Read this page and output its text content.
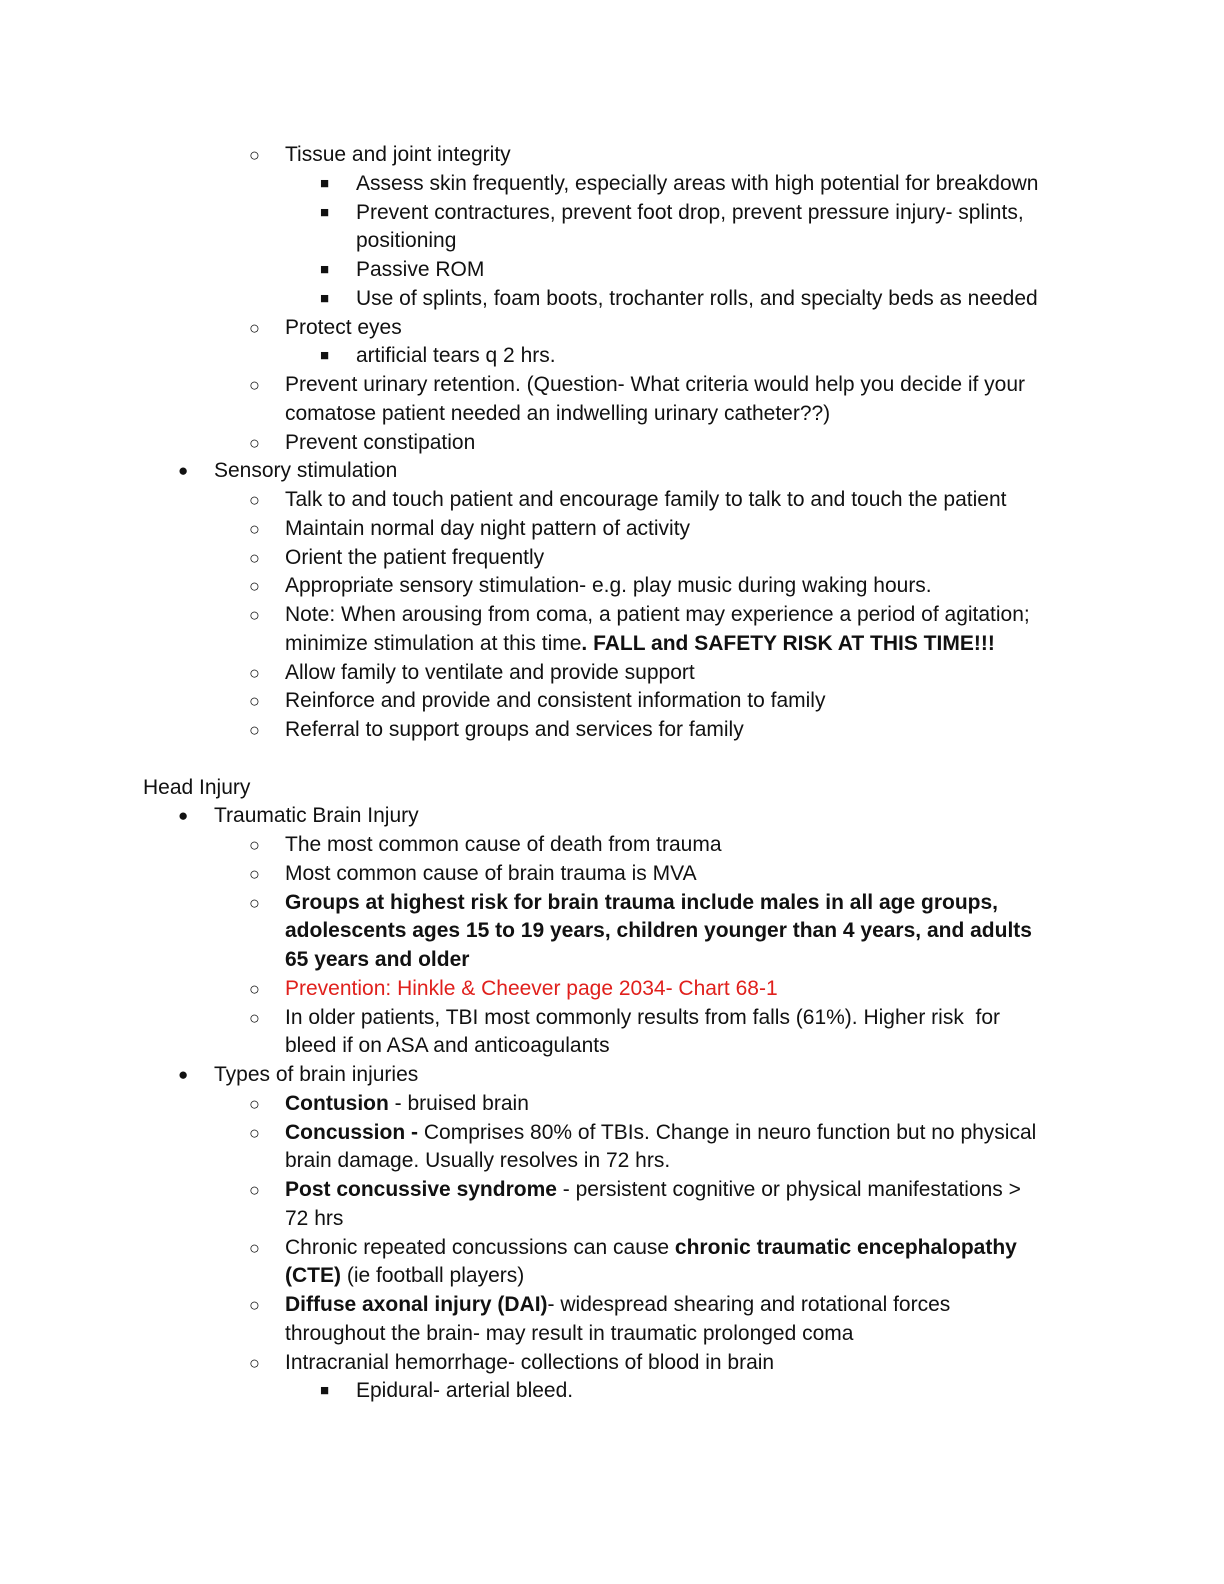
○ Tissue and joint integrity
■ Assess skin frequently, especially areas with high potential for breakdown
■ Prevent contractures, prevent foot drop, prevent pressure injury- splints,
positioning
■ Passive ROM
■ Use of splints, foam boots, trochanter rolls, and specialty beds as needed
○ Protect eyes
■ artificial tears q 2 hrs.
○ Prevent urinary retention. (Question- What criteria would help you decide if your
comatose patient needed an indwelling urinary catheter??)
○ Prevent constipation
● Sensory stimulation
○ Talk to and touch patient and encourage family to talk to and touch the patient
○ Maintain normal day night pattern of activity
○ Orient the patient frequently
○ Appropriate sensory stimulation- e.g. play music during waking hours.
○ Note: When arousing from coma, a patient may experience a period of agitation;
minimize stimulation at this time. FALL and SAFETY RISK AT THIS TIME!!!
○ Allow family to ventilate and provide support
○ Reinforce and provide and consistent information to family
○ Referral to support groups and services for family
Head Injury
● Traumatic Brain Injury
○ The most common cause of death from trauma
○ Most common cause of brain trauma is MVA
○ Groups at highest risk for brain trauma include males in all age groups,
adolescents ages 15 to 19 years, children younger than 4 years, and adults
65 years and older
○ Prevention: Hinkle & Cheever page 2034- Chart 68-1
○ In older patients, TBI most commonly results from falls (61%). Higher risk  for
bleed if on ASA and anticoagulants
● Types of brain injuries
○ Contusion - bruised brain
○ Concussion - Comprises 80% of TBIs. Change in neuro function but no physical
brain damage. Usually resolves in 72 hrs.
○ Post concussive syndrome - persistent cognitive or physical manifestations >
72 hrs
○ Chronic repeated concussions can cause chronic traumatic encephalopathy
(CTE) (ie football players)
○ Diffuse axonal injury (DAI)- widespread shearing and rotational forces
throughout the brain- may result in traumatic prolonged coma
○ Intracranial hemorrhage- collections of blood in brain
■ Epidural- arterial bleed.
